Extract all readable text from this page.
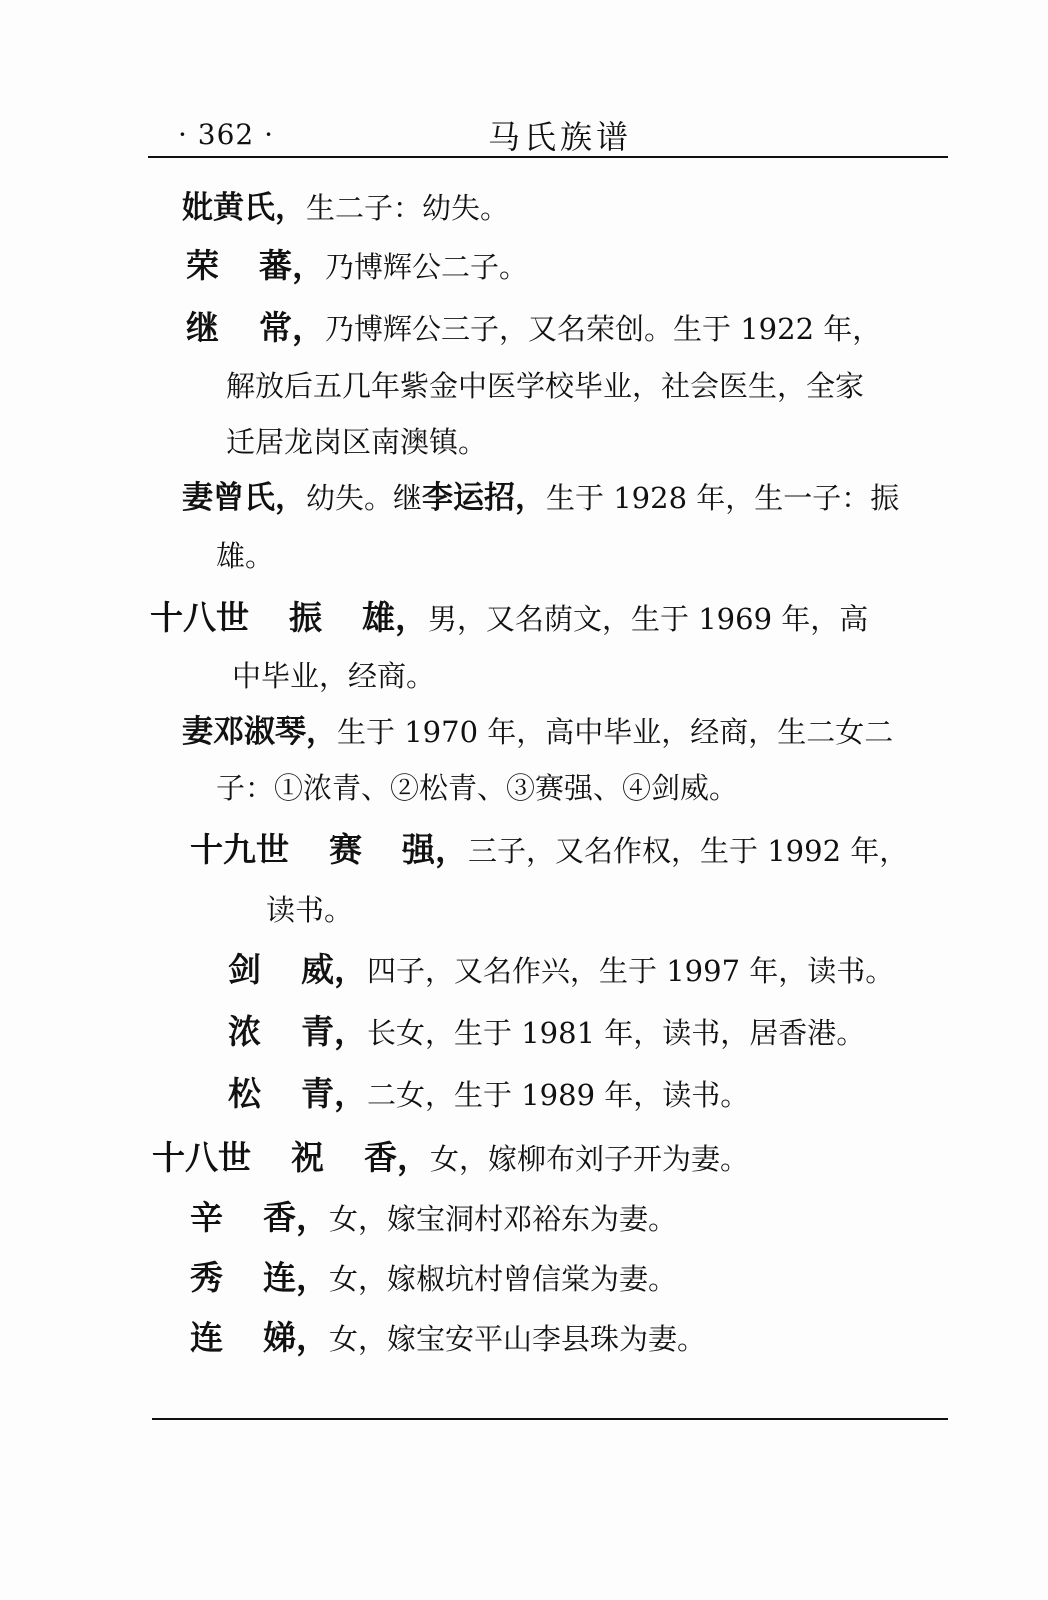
· 362 ·	马氏族谱
妣黄氏，生二子：幼失。
荣 蕃，乃博辉公二子。
继 常，乃博辉公三子，又名荣创。生于 1922 年，
解放后五几年紫金中医学校毕业，社会医生，全家
迁居龙岗区南澳镇。
妻曾氏，幼失。继李运招，生于 1928 年，生一子：振
雄。
十八世 振 雄，男，又名荫文，生于 1969 年，高
中毕业，经商。
妻邓淑琴，生于 1970 年，高中毕业，经商，生二女二
子：①浓青、②松青、③赛强、④剑威。
十九世 赛 强，三子，又名作权，生于 1992 年，
读书。
剑 威，四子，又名作兴，生于 1997 年，读书。
浓 青，长女，生于 1981 年，读书，居香港。
松 青，二女，生于 1989 年，读书。
十八世 祝 香，女，嫁柳布刘子开为妻。
辛 香，女，嫁宝洞村邓裕东为妻。
秀 连，女，嫁椒坑村曾信棠为妻。
连 娣，女，嫁宝安平山李县珠为妻。
